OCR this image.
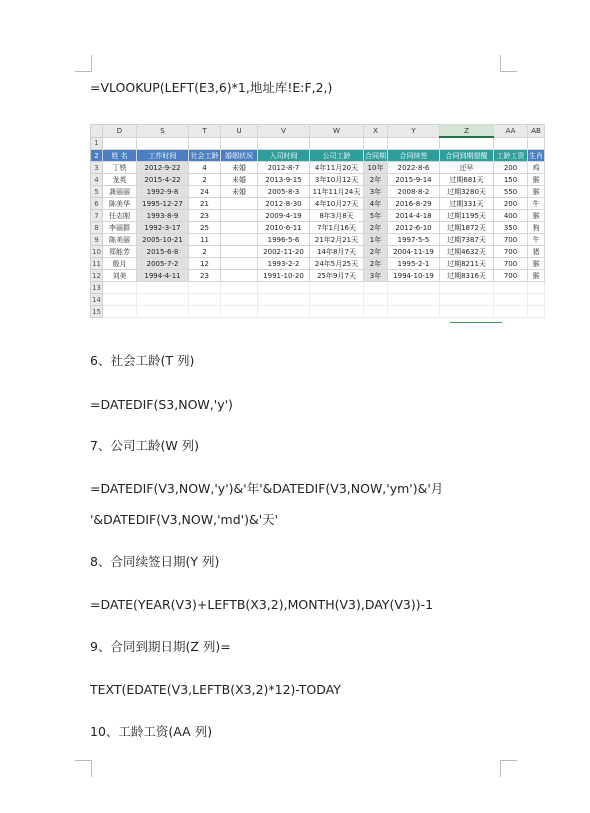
=VLOOKUP(LEFT(E3,6)*1,地址库!E:F,2,)
	D	S	T	U	V	W	X	Y	Z	AA	AB
1											
2	姓 名	工作时间	社会工龄	婚姻状况	入司时间	公司工龄	合同期	合同续签	合同到期提醒	工龄工资	生肖
3	丁铁	2012-9-22	4	未婚	2012-8-7	4年11月20天	10年	2022-8-6	还早	200	鸡
4	龙英	2015-4-22	2	未婚	2013-9-15	3年10月12天	2年	2015-9-14	过期681天	150	猴
5	龚丽丽	1992-9-8	24	未婚	2005-8-3	11年11月24天	3年	2008-8-2	过期3280天	550	猴
6	陈美华	1995-12-27	21		2012-8-30	4年10月27天	4年	2016-8-29	过期331天	200	牛
7	任志刚	1993-8-9	23		2009-4-19	8年3月8天	5年	2014-4-18	过期1195天	400	猴
8	李丽群	1992-3-17	25		2010-6-11	7年1月16天	2年	2012-6-10	过期1872天	350	狗
9	陈美丽	2005-10-21	11		1996-5-6	21年2月21天	1年	1997-5-5	过期7387天	700	牛
10	郑能芳	2015-6-8	2		2002-11-20	14年8月7天	2年	2004-11-19	过期4632天	700	猪
11	殷月	2005-7-2	12		1993-2-2	24年5月25天	2年	1995-2-1	过期8211天	700	猴
12	刘美	1994-4-11	23		1991-10-20	25年9月7天	3年	1994-10-19	过期8316天	700	猴
13											
14											
15											
6、社会工龄(T 列)
=DATEDIF(S3,NOW,'y')
7、公司工龄(W 列)
=DATEDIF(V3,NOW,'y')&'年'&DATEDIF(V3,NOW,'ym')&'月
'&DATEDIF(V3,NOW,'md')&'天'
8、合同续签日期(Y 列)
=DATE(YEAR(V3)+LEFTB(X3,2),MONTH(V3),DAY(V3))-1
9、合同到期日期(Z 列)=
TEXT(EDATE(V3,LEFTB(X3,2)*12)-TODAY
10、工龄工资(AA 列)
